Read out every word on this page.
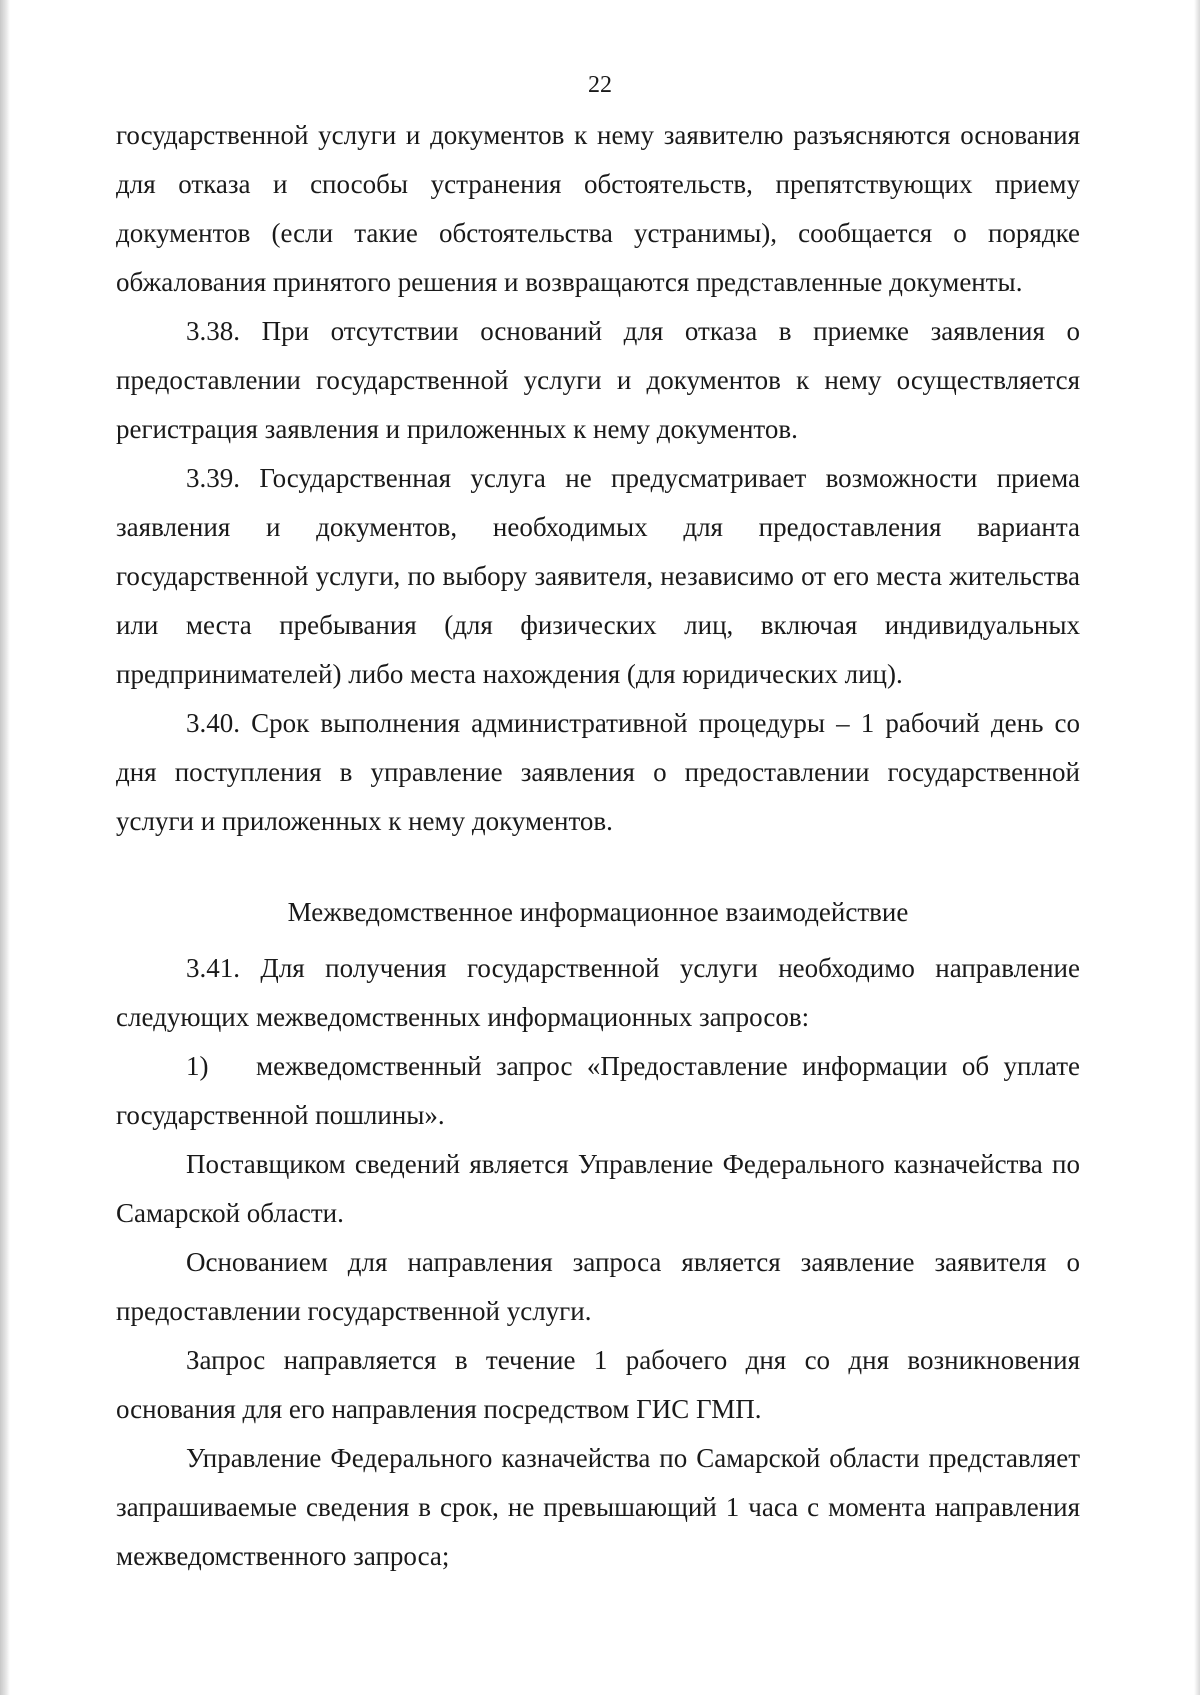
22

государственной услуги и документов к нему заявителю разъясняются основания для отказа и способы устранения обстоятельств, препятствующих приему документов (если такие обстоятельства устранимы), сообщается о порядке обжалования принятого решения и возвращаются представленные документы.

3.38. При отсутствии оснований для отказа в приемке заявления о предоставлении государственной услуги и документов к нему осуществляется регистрация заявления и приложенных к нему документов.

3.39. Государственная услуга не предусматривает возможности приема заявления и документов, необходимых для предоставления варианта государственной услуги, по выбору заявителя, независимо от его места жительства или места пребывания (для физических лиц, включая индивидуальных предпринимателей) либо места нахождения (для юридических лиц).

3.40. Срок выполнения административной процедуры – 1 рабочий день со дня поступления в управление заявления о предоставлении государственной услуги и приложенных к нему документов.

Межведомственное информационное взаимодействие

3.41. Для получения государственной услуги необходимо направление следующих межведомственных информационных запросов:

1) межведомственный запрос «Предоставление информации об уплате государственной пошлины».

Поставщиком сведений является Управление Федерального казначейства по Самарской области.

Основанием для направления запроса является заявление заявителя о предоставлении государственной услуги.

Запрос направляется в течение 1 рабочего дня со дня возникновения основания для его направления посредством ГИС ГМП.

Управление Федерального казначейства по Самарской области представляет запрашиваемые сведения в срок, не превышающий 1 часа с момента направления межведомственного запроса;
